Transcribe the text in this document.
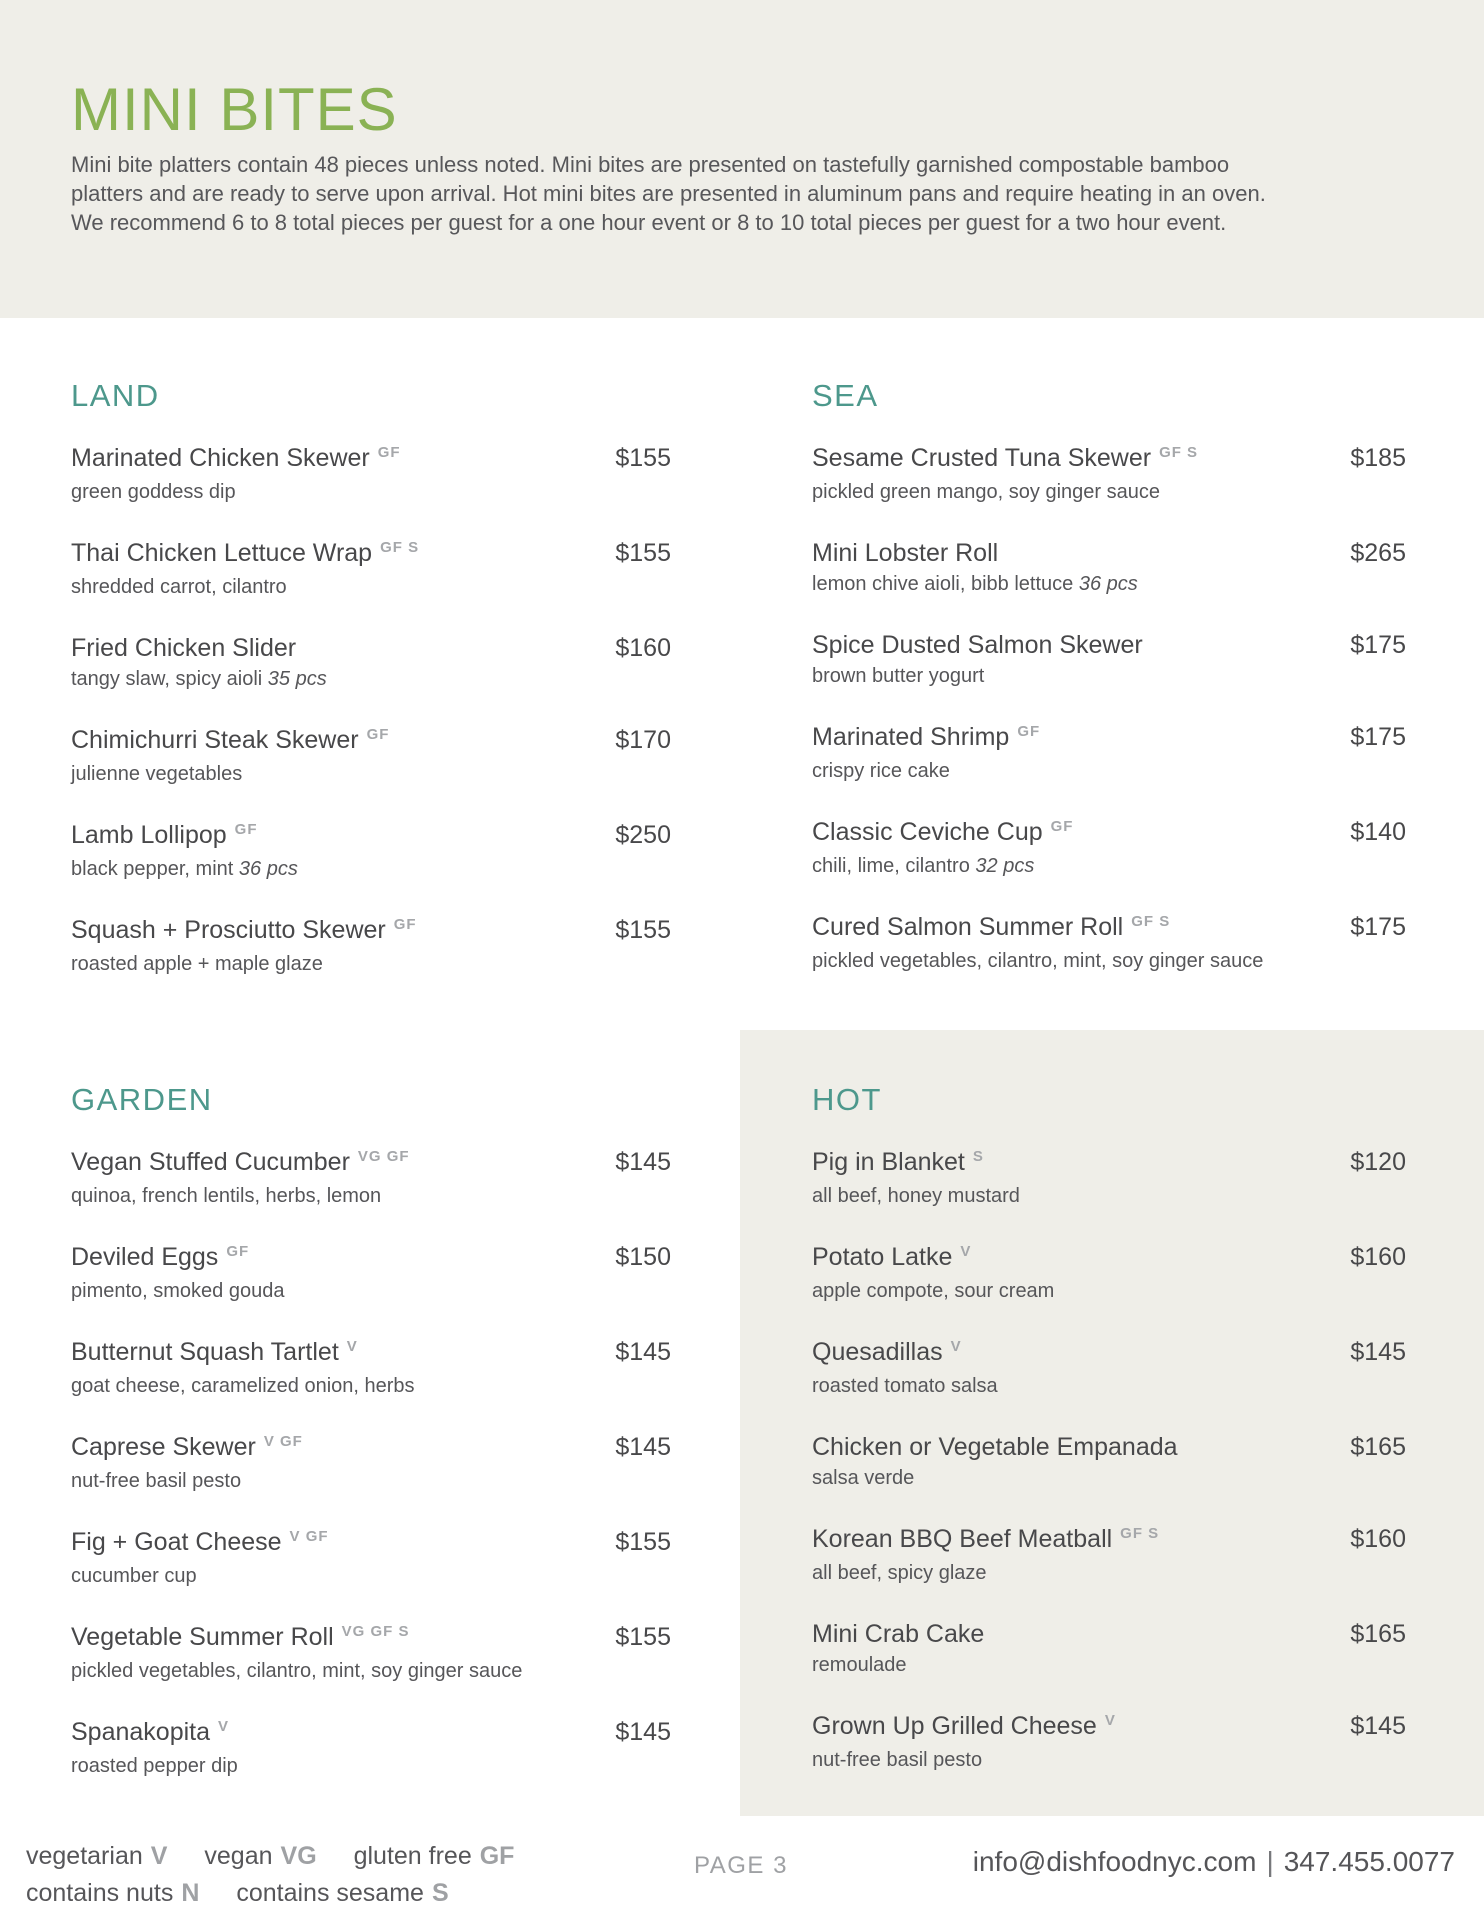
MINI BITES

Mini bite platters contain 48 pieces unless noted. Mini bites are presented on tastefully garnished compostable bamboo platters and are ready to serve upon arrival. Hot mini bites are presented in aluminum pans and require heating in an oven. We recommend 6 to 8 total pieces per guest for a one hour event or 8 to 10 total pieces per guest for a two hour event.

LAND
Marinated Chicken Skewer $^{GF}$	$155
green goddess dip
Thai Chicken Lettuce Wrap $^{GF S}$	$155
shredded carrot, cilantro
Fried Chicken Slider	$160
tangy slaw, spicy aioli 35 pcs
Chimichurri Steak Skewer $^{GF}$	$170
julienne vegetables
Lamb Lollipop $^{GF}$	$250
black pepper, mint 36 pcs
Squash + Prosciutto Skewer $^{GF}$	$155
roasted apple + maple glaze
SEA
Sesame Crusted Tuna Skewer $^{GF S}$	$185
pickled green mango, soy ginger sauce
Mini Lobster Roll	$265
lemon chive aioli, bibb lettuce 36 pcs
Spice Dusted Salmon Skewer	$175
brown butter yogurt
Marinated Shrimp $^{GF}$	$175
crispy rice cake
Classic Ceviche Cup $^{GF}$	$140
chili, lime, cilantro 32 pcs
Cured Salmon Summer Roll $^{GF S}$	$175
pickled vegetables, cilantro, mint, soy ginger sauce
GARDEN
Vegan Stuffed Cucumber $^{VG GF}$	$145
quinoa, french lentils, herbs, lemon
Deviled Eggs $^{GF}$	$150
pimento, smoked gouda
Butternut Squash Tartlet $^V$	$145
goat cheese, caramelized onion, herbs
Caprese Skewer $^{V GF}$	$145
nut-free basil pesto
Fig + Goat Cheese $^{V GF}$	$155
cucumber cup
Vegetable Summer Roll $^{VG GF S}$	$155
pickled vegetables, cilantro, mint, soy ginger sauce
Spanakopita $^V$	$145
roasted pepper dip
HOT
Pig in Blanket $^S$	$120
all beef, honey mustard
Potato Latke $^V$	$160
apple compote, sour cream
Quesadillas $^V$	$145
roasted tomato salsa
Chicken or Vegetable Empanada	$165
salsa verde
Korean BBQ Beef Meatball $^{GF S}$	$160
all beef, spicy glaze
Mini Crab Cake	$165
remoulade
Grown Up Grilled Cheese $^V$	$145
nut-free basil pesto
vegetarian V vegan VG gluten free GF
contains nuts N contains sesame S
PAGE 3	info@dishfoodnyc.com | 347.455.0077
